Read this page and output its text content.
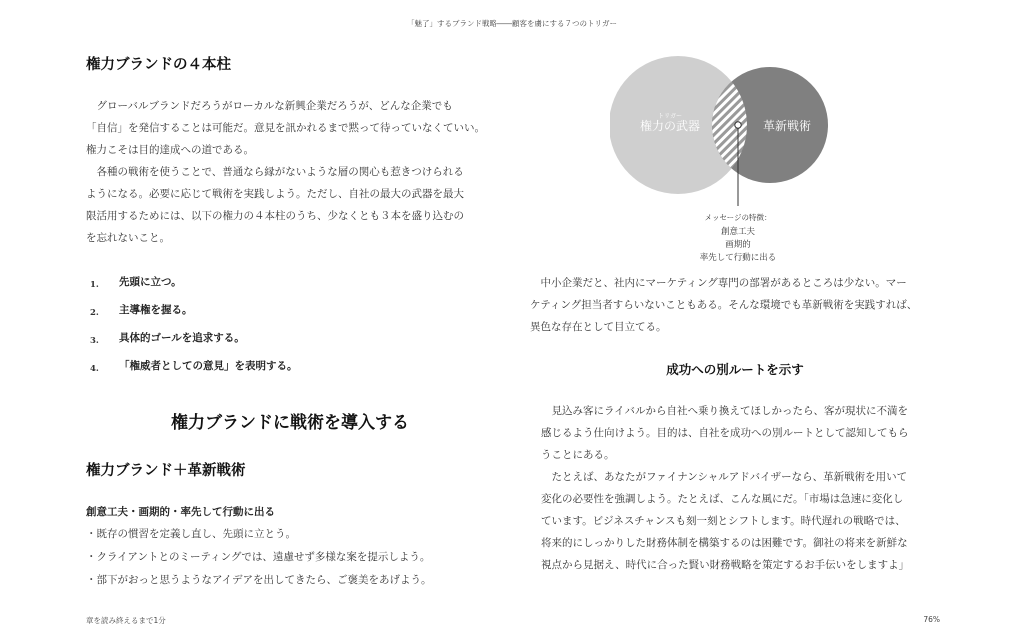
「魅了」するブランド戦略――顧客を虜にする７つのトリガー
権力ブランドの４本柱

グローバルブランドだろうがローカルな新興企業だろうが、どんな企業でも

「自信」を発信することは可能だ。意見を訊かれるまで黙って待っていなくていい。

権力こそは目的達成への道である。

各種の戦術を使うことで、普通なら縁がないような層の関心も惹きつけられる

ようになる。必要に応じて戦術を実践しよう。ただし、自社の最大の武器を最大

限活用するためには、以下の権力の４本柱のうち、少なくとも３本を盛り込むの

を忘れないこと。

1. 先頭に立つ。
2. 主導権を握る。
3. 具体的ゴールを追求する。
4. 「権威者としての意見」を表明する。
権力ブランドに戦術を導入する
権力ブランド＋革新戦術
創意工夫・画期的・率先して行動に出る
・既存の慣習を定義し直し、先頭に立とう。
・クライアントとのミーティングでは、遠慮せず多様な案を提示しよう。
・部下がおっと思うようなアイデアを出してきたら、ご褒美をあげよう。
トリガー
権力の武器	革新戦術
メッセージの特徴：
創意工夫
画期的
率先して行動に出る

中小企業だと、社内にマーケティング専門の部署があるところは少ない。マー

ケティング担当者すらいないこともある。そんな環境でも革新戦術を実践すれば、

異色な存在として目立てる。

成功への別ルートを示す

見込み客にライバルから自社へ乗り換えてほしかったら、客が現状に不満を

感じるよう仕向けよう。目的は、自社を成功への別ルートとして認知してもら

うことにある。

たとえば、あなたがファイナンシャルアドバイザーなら、革新戦術を用いて

変化の必要性を強調しよう。たとえば、こんな風にだ。「市場は急速に変化し

ています。ビジネスチャンスも刻一刻とシフトします。時代遅れの戦略では、

将来的にしっかりした財務体制を構築するのは困難です。御社の将来を新鮮な

視点から見据え、時代に合った賢い財務戦略を策定するお手伝いをしますよ」

章を読み終えるまで1分	76%
